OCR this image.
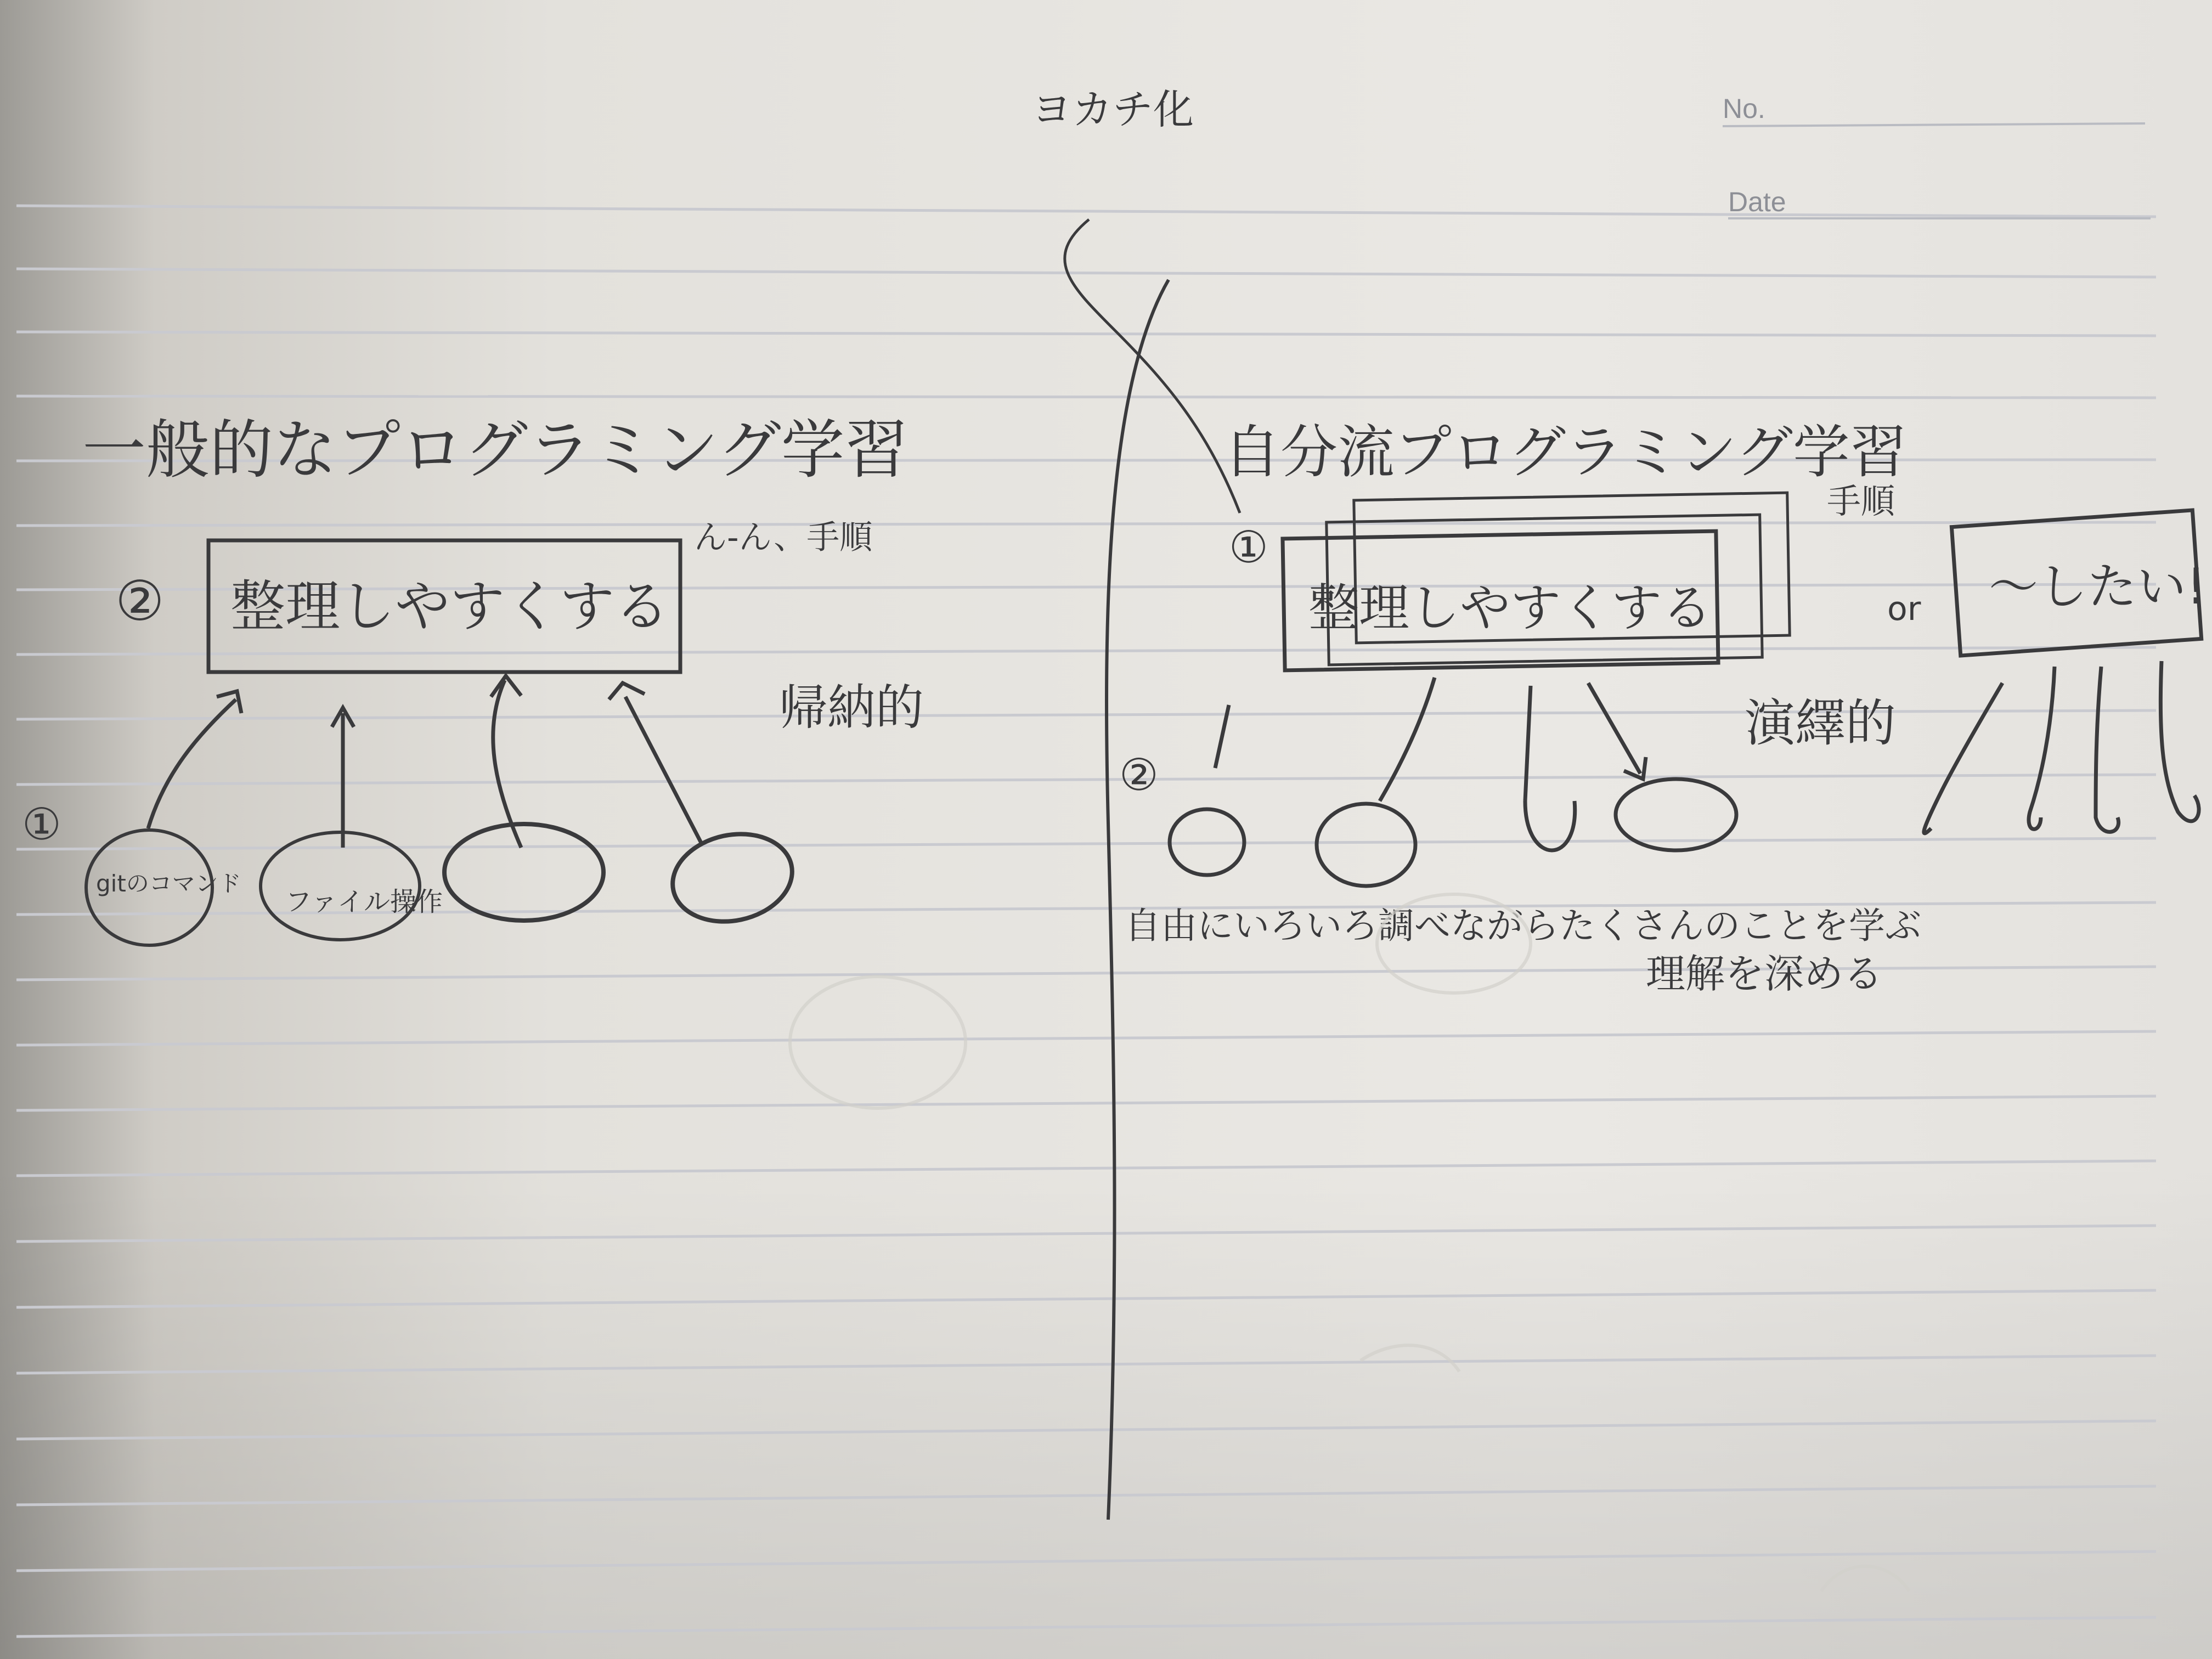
No.
Date
ヨカチ化
一般的なプログラミング学習
② 整理しやすくする
ん-ん、手順
帰納的
①
gitのコマンド
ファイル操作
自分流プログラミング学習
①
整理しやすくする
手順
or 〜したい!
演繹的
②
自由にいろいろ調べながらたくさんのことを学ぶ
理解を深める
